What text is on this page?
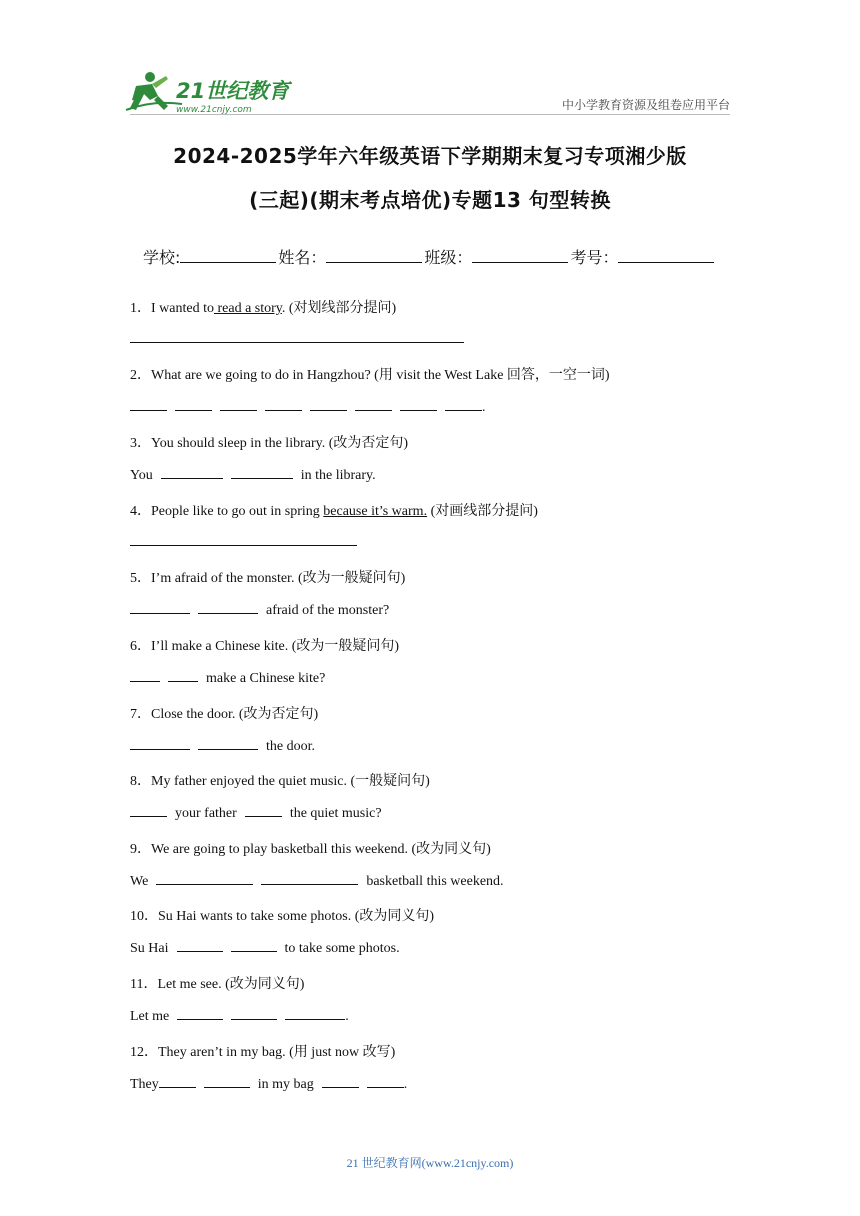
21世纪教育
www.21cnjy.com	中小学教育资源及组卷应用平台
2024-2025学年六年级英语下学期期末复习专项湘少版
(三起)(期末考点培优)专题13 句型转换
学校:	姓名：	班级：	考号：
1．I wanted to read a story. (对划线部分提问)
2．What are we going to do in Hangzhou? (用 visit the West Lake 回答，一空一词)
.
3．You should sleep in the library. (改为否定句)
You	in the library.
4．People like to go out in spring because it’s warm. (对画线部分提问)
5．I’m afraid of the monster. (改为一般疑问句)
afraid of the monster?
6．I’ll make a Chinese kite. (改为一般疑问句)
make a Chinese kite?
7．Close the door. (改为否定句)
the door.
8．My father enjoyed the quiet music. (一般疑问句)
your father	the quiet music?
9．We are going to play basketball this weekend. (改为同义句)
We	basketball this weekend.
10．Su Hai wants to take some photos. (改为同义句)
Su Hai	to take some photos.
11．Let me see. (改为同义句)
Let me	.
12．They aren’t in my bag. (用 just now 改写)
They	in my bag	.
21 世纪教育网(www.21cnjy.com)
